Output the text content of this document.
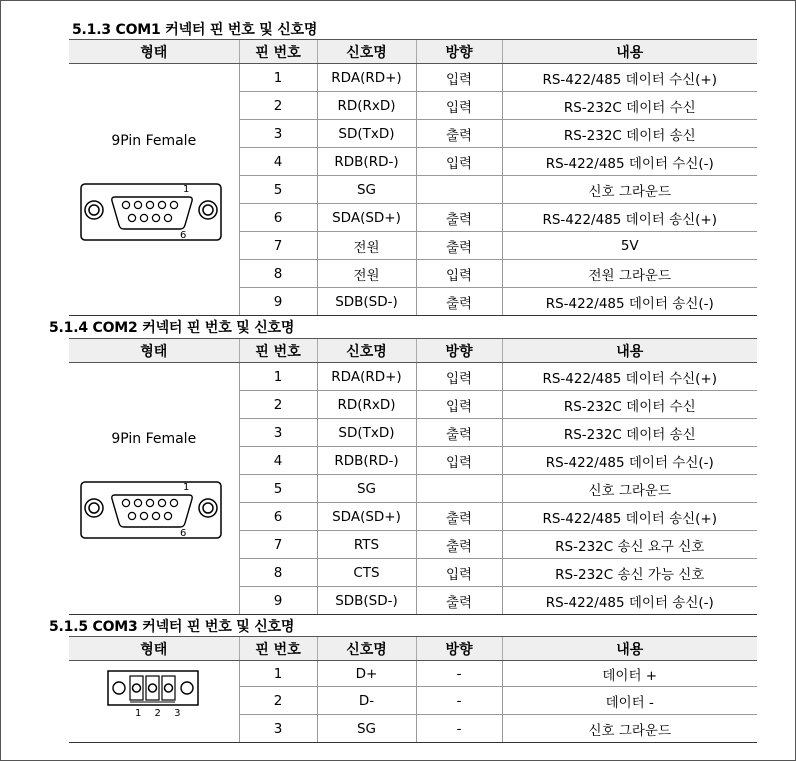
5.1.3 COM1 커넥터 핀 번호 및 신호명
형태	핀 번호	신호명	방향	내용

9Pin Female
1
6	1	RDA(RD+)	입력	RS-422/485 데이터 수신(+)
	2	RD(RxD)	입력	RS-232C 데이터 수신
	3	SD(TxD)	출력	RS-232C 데이터 송신
	4	RDB(RD-)	입력	RS-422/485 데이터 수신(-)
	5	SG		신호 그라운드
	6	SDA(SD+)	출력	RS-422/485 데이터 송신(+)
	7	전원	출력	5V
	8	전원	입력	전원 그라운드
	9	SDB(SD-)	출력	RS-422/485 데이터 송신(-)
5.1.4 COM2 커넥터 핀 번호 및 신호명
형태	핀 번호	신호명	방향	내용

9Pin Female
1
6	1	RDA(RD+)	입력	RS-422/485 데이터 수신(+)
	2	RD(RxD)	입력	RS-232C 데이터 수신
	3	SD(TxD)	출력	RS-232C 데이터 송신
	4	RDB(RD-)	입력	RS-422/485 데이터 수신(-)
	5	SG		신호 그라운드
	6	SDA(SD+)	출력	RS-422/485 데이터 송신(+)
	7	RTS	출력	RS-232C 송신 요구 신호
	8	CTS	입력	RS-232C 송신 가능 신호
	9	SDB(SD-)	출력	RS-422/485 데이터 송신(-)
5.1.5 COM3 커넥터 핀 번호 및 신호명
형태	핀 번호	신호명	방향	내용

1 2 3	1	D+	-	데이터 +
	2	D-	-	데이터 -
	3	SG	-	신호 그라운드
